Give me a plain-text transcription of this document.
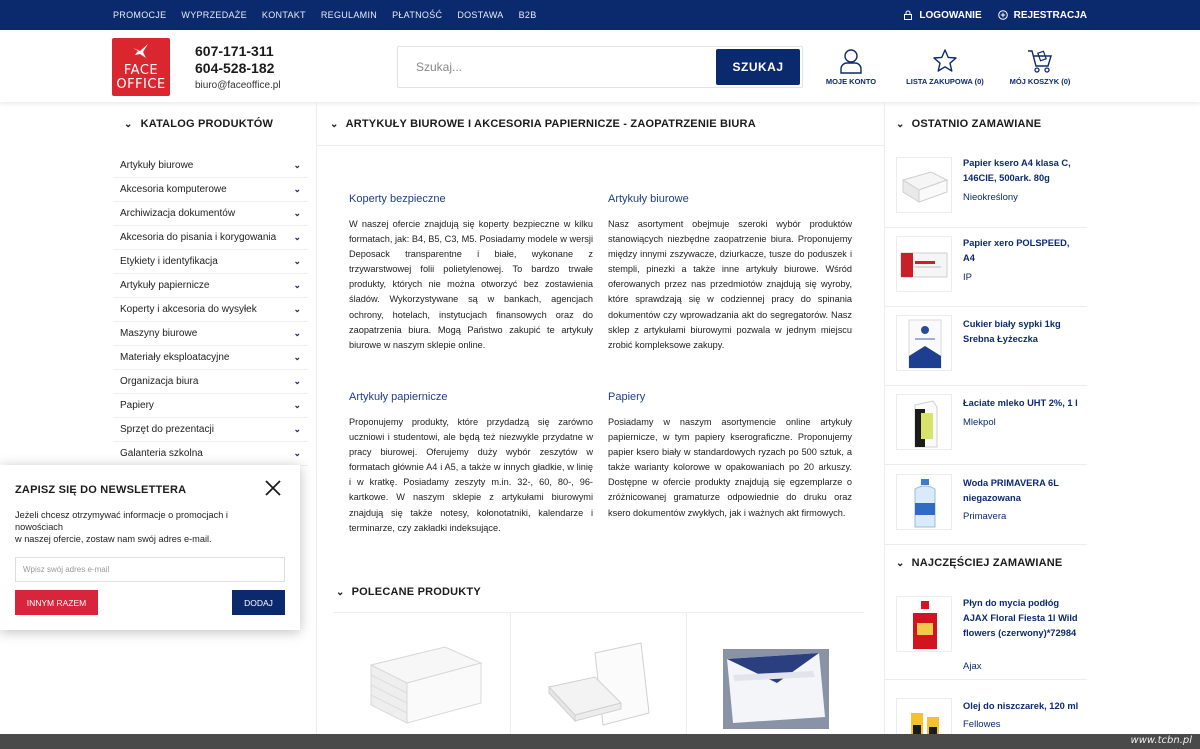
PROMOCJE WYPRZEDAŻE KONTAKT REGULAMIN PŁATNOŚĆ DOSTAWA B2B	LOGOWANIE	REJESTRACJA
FACE
OFFICE
607-171-311
604-528-182
biuro@faceoffice.pl
Szukaj...
SZUKAJ
MOJE KONTO	LISTA ZAKUPOWA (0)	MÓJ KOSZYK (0)
⌄ KATALOG PRODUKTÓW
Artykuły biurowe	⌄
Akcesoria komputerowe	⌄
Archiwizacja dokumentów	⌄
Akcesoria do pisania i korygowania ⌄
Etykiety i identyfikacja	⌄
Artykuły papiernicze	⌄
Koperty i akcesoria do wysyłek	⌄
Maszyny biurowe	⌄
Materiały eksploatacyjne	⌄
Organizacja biura	⌄
Papiery	⌄
Sprzęt do prezentacji	⌄
Galanteria szkolna	⌄
⌄ ARTYKUŁY BIUROWE I AKCESORIA PAPIERNICZE - ZAOPATRZENIE BIURA
Koperty bezpieczne

W naszej ofercie znajdują się koperty bezpieczne w kilku formatach, jak: B4, B5, C3, M5. Posiadamy modele w wersji Deposack transparentne i białe, wykonane z trzywarstwowej folii polietylenowej. To bardzo trwałe produkty, których nie można otworzyć bez zostawienia śladów. Wykorzystywane są w bankach, agencjach ochrony, hotelach, instytucjach finansowych oraz do zaopatrzenia biura. Mogą Państwo zakupić te artykuły biurowe w naszym sklepie online.

Artykuły biurowe

Nasz asortyment obejmuje szeroki wybór produktów stanowiących niezbędne zaopatrzenie biura. Proponujemy między innymi zszywacze, dziurkacze, tusze do poduszek i stempli, pinezki a także inne artykuły biurowe. Wśród oferowanych przez nas przedmiotów znajdują się wyroby, które sprawdzają się w codziennej pracy do spinania dokumentów czy wprowadzania akt do segregatorów. Nasz sklep z artykułami biurowymi pozwala w jednym miejscu zrobić kompleksowe zakupy.

Artykuły papiernicze

Proponujemy produkty, które przydadzą się zarówno uczniowi i studentowi, ale będą też niezwykle przydatne w pracy biurowej. Oferujemy duży wybór zeszytów w formatach głównie A4 i A5, a także w innych gładkie, w linię i w kratkę. Posiadamy zeszyty m.in. 32-, 60, 80-, 96-kartkowe. W naszym sklepie z artykułami biurowymi znajdują się także notesy, kołonotatniki, kalendarze i terminarze, czy zakładki indeksujące.

Papiery

Posiadamy w naszym asortymencie online artykuły papiernicze, w tym papiery kserograficzne. Proponujemy papier ksero biały w standardowych ryzach po 500 sztuk, a także warianty kolorowe w opakowaniach po 20 arkuszy. Dostępne w ofercie produkty znajdują się egzemplarze o zróżnicowanej gramaturze odpowiednie do druku oraz ksero dokumentów zwykłych, jak i ważnych akt firmowych.

⌄ POLECANE PRODUKTY
⌄ OSTATNIO ZAMAWIANE
Papier ksero A4 klasa C, 146CIE, 500ark. 80g
Nieokreślony
Papier xero POLSPEED, A4
IP
Cukier biały sypki 1kg Srebna Łyżeczka
Łaciate mleko UHT 2%, 1 l
Mlekpol
Woda PRIMAVERA 6L niegazowana
Primavera
⌄ NAJCZĘŚCIEJ ZAMAWIANE
Płyn do mycia podłóg AJAX Floral Fiesta 1l Wild flowers (czerwony)*72984
Ajax
Olej do niszczarek, 120 ml
Fellowes
ZAPISZ SIĘ DO NEWSLETTERA
Jeżeli chcesz otrzymywać informacje o promocjach i nowościach
w naszej ofercie, zostaw nam swój adres e-mail.
Wpisz swój adres e-mail
INNYM RAZEM	DODAJ
www.tcbn.pl
